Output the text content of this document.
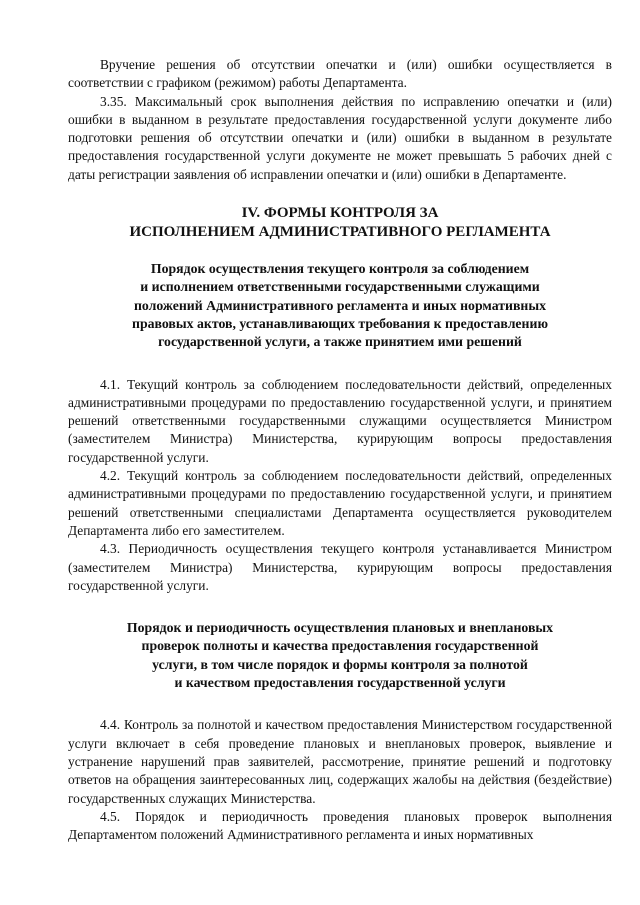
Вручение решения об отсутствии опечатки и (или) ошибки осуществляется в соответствии с графиком (режимом) работы Департамента.

3.35. Максимальный срок выполнения действия по исправлению опечатки и (или) ошибки в выданном в результате предоставления государственной услуги документе либо подготовки решения об отсутствии опечатки и (или) ошибки в выданном в результате предоставления государственной услуги документе не может превышать 5 рабочих дней с даты регистрации заявления об исправлении опечатки и (или) ошибки в Департаменте.

IV. ФОРМЫ КОНТРОЛЯ ЗА

ИСПОЛНЕНИЕМ АДМИНИСТРАТИВНОГО РЕГЛАМЕНТА

Порядок осуществления текущего контроля за соблюдением

и исполнением ответственными государственными служащими

положений Административного регламента и иных нормативных

правовых актов, устанавливающих требования к предоставлению

государственной услуги, а также принятием ими решений

4.1. Текущий контроль за соблюдением последовательности действий, определенных административными процедурами по предоставлению государственной услуги, и принятием решений ответственными государственными служащими осуществляется Министром (заместителем Министра) Министерства, курирующим вопросы предоставления государственной услуги.

4.2. Текущий контроль за соблюдением последовательности действий, определенных административными процедурами по предоставлению государственной услуги, и принятием решений ответственными специалистами Департамента осуществляется руководителем Департамента либо его заместителем.

4.3. Периодичность осуществления текущего контроля устанавливается Министром (заместителем Министра) Министерства, курирующим вопросы предоставления государственной услуги.

Порядок и периодичность осуществления плановых и внеплановых

проверок полноты и качества предоставления государственной

услуги, в том числе порядок и формы контроля за полнотой

и качеством предоставления государственной услуги

4.4. Контроль за полнотой и качеством предоставления Министерством государственной услуги включает в себя проведение плановых и внеплановых проверок, выявление и устранение нарушений прав заявителей, рассмотрение, принятие решений и подготовку ответов на обращения заинтересованных лиц, содержащих жалобы на действия (бездействие) государственных служащих Министерства.

4.5. Порядок и периодичность проведения плановых проверок выполнения Департаментом положений Административного регламента и иных нормативных
